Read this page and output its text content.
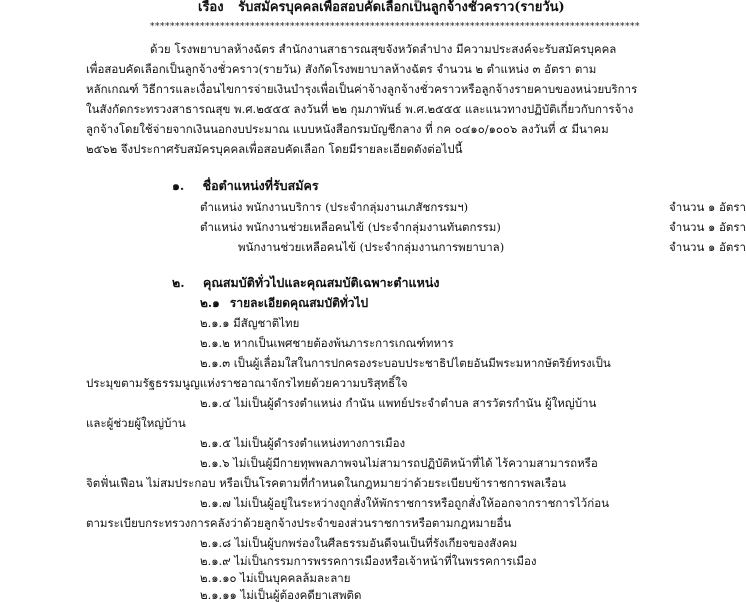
เรื่อง รับสมัครบุคคลเพื่อสอบคัดเลือกเป็นลูกจ้างชั่วคราว(รายวัน)
**************************************************************************************************
ด้วย โรงพยาบาลห้างฉัตร สำนักงานสาธารณสุขจังหวัดลำปาง มีความประสงค์จะรับสมัครบุคคล
เพื่อสอบคัดเลือกเป็นลูกจ้างชั่วคราว(รายวัน) สังกัดโรงพยาบาลห้างฉัตร จำนวน ๒ ตำแหน่ง ๓ อัตรา ตาม
หลักเกณฑ์ วิธีการและเงื่อนไขการจ่ายเงินบำรุงเพื่อเป็นค่าจ้างลูกจ้างชั่วคราวหรือลูกจ้างรายคาบของหน่วยบริการ
ในสังกัดกระทรวงสาธารณสุข พ.ศ.๒๕๕๕ ลงวันที่ ๒๒ กุมภาพันธ์ พ.ศ.๒๕๕๕ และแนวทางปฏิบัติเกี่ยวกับการจ้าง
ลูกจ้างโดยใช้จ่ายจากเงินนอกงบประมาณ แบบหนังสือกรมบัญชีกลาง ที่ กค ๐๔๑๐/๑๐๐๖ ลงวันที่ ๕ มีนาคม
๒๕๖๒ จึงประกาศรับสมัครบุคคลเพื่อสอบคัดเลือก โดยมีรายละเอียดดังต่อไปนี้
๑. ชื่อตำแหน่งที่รับสมัคร
ตำแหน่ง พนักงานบริการ (ประจำกลุ่มงานเภสัชกรรมฯ)	จำนวน ๑ อัตรา
ตำแหน่ง พนักงานช่วยเหลือคนไข้ (ประจำกลุ่มงานทันตกรรม)	จำนวน ๑ อัตรา
พนักงานช่วยเหลือคนไข้ (ประจำกลุ่มงานการพยาบาล)	จำนวน ๑ อัตรา
๒. คุณสมบัติทั่วไปและคุณสมบัติเฉพาะตำแหน่ง
๒.๑ รายละเอียดคุณสมบัติทั่วไป
๒.๑.๑ มีสัญชาติไทย
๒.๑.๒ หากเป็นเพศชายต้องพ้นภาระการเกณฑ์ทหาร
๒.๑.๓ เป็นผู้เลื่อมใสในการปกครองระบอบประชาธิปไตยอันมีพระมหากษัตริย์ทรงเป็น
ประมุขตามรัฐธรรมนูญแห่งราชอาณาจักรไทยด้วยความบริสุทธิ์ใจ
๒.๑.๔ ไม่เป็นผู้ดำรงตำแหน่ง กำนัน แพทย์ประจำตำบล สารวัตรกำนัน ผู้ใหญ่บ้าน
และผู้ช่วยผู้ใหญ่บ้าน
๒.๑.๕ ไม่เป็นผู้ดำรงตำแหน่งทางการเมือง
๒.๑.๖ ไม่เป็นผู้มีกายทุพพลภาพจนไม่สามารถปฏิบัติหน้าที่ได้ ไร้ความสามารถหรือ
จิตฟั่นเฟือน ไม่สมประกอบ หรือเป็นโรคตามที่กำหนดในกฎหมายว่าด้วยระเบียบข้าราชการพลเรือน
๒.๑.๗ ไม่เป็นผู้อยู่ในระหว่างถูกสั่งให้พักราชการหรือถูกสั่งให้ออกจากราชการไว้ก่อน
ตามระเบียบกระทรวงการคลังว่าด้วยลูกจ้างประจำของส่วนราชการหรือตามกฎหมายอื่น
๒.๑.๘ ไม่เป็นผู้บกพร่องในศีลธรรมอันดีจนเป็นที่รังเกียจของสังคม
๒.๑.๙ ไม่เป็นกรรมการพรรคการเมืองหรือเจ้าหน้าที่ในพรรคการเมือง
๒.๑.๑๐ ไม่เป็นบุคคลล้มละลาย
๒.๑.๑๑ ไม่เป็นผู้ต้องคดียาเสพติด
